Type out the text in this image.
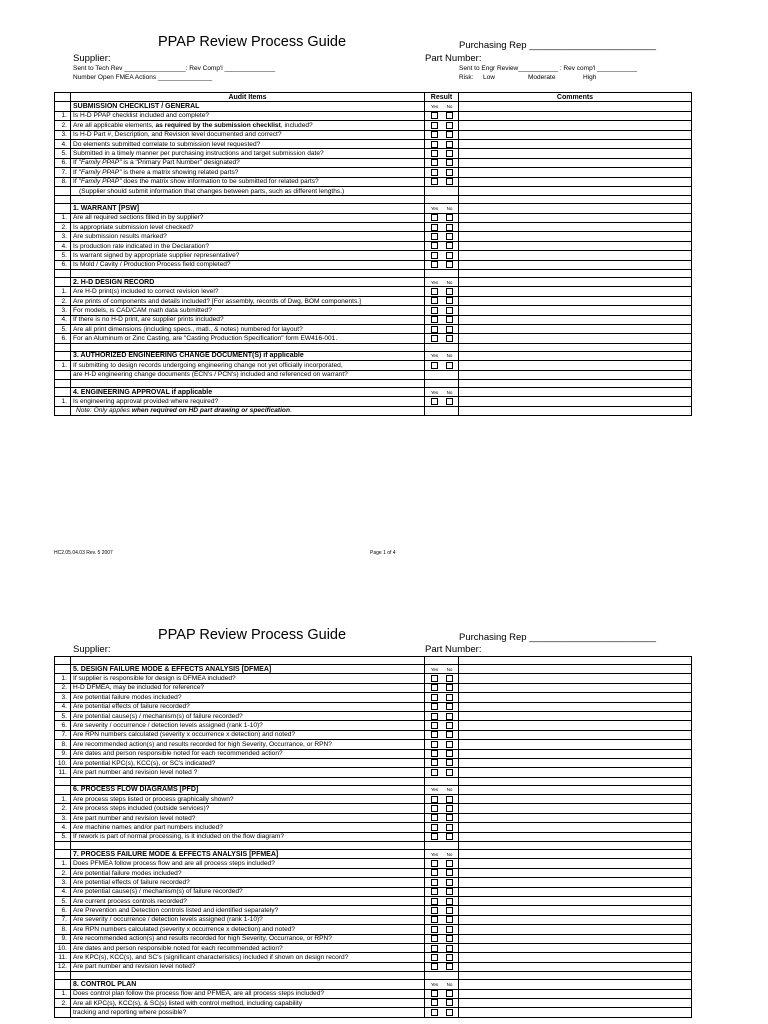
PPAP Review Process Guide	Purchasing Rep ________________________
Supplier:	Part Number:
Sent to Tech Rev _________________: Rev Comp'l ______________
Number Open FMEA Actions _______________
Sent to Engr Review___________ : Rev comp'l ___________
Risk: Low	Moderate	High
	Audit Items	Result	Comments
	SUBMISSION CHECKLIST / GENERAL	Yes No	
1.	Is H-D PPAP checklist included and complete?		
2.	Are all applicable elements, as required by the submission checklist, included?		
3.	Is H-D Part #, Description, and Revision level documented and correct?		
4.	Do elements submitted correlate to submission level requested?		
5.	Submitted in a timely manner per purchasing instructions and target submission date?		
6.	If "Family PPAP" is a "Primary Part Number" designated?		
7.	If "Family PPAP" is there a matrix showing related parts?		
8.	If "Family PPAP" does the matrix show information to be submitted for related parts?		
	(Supplier should submit information that changes between parts, such as different lengths.)		

	1. WARRANT [PSW]	Yes No	
1.	Are all required sections filled in by supplier?		
2.	Is appropriate submission level checked?		
3.	Are submission results marked?		
4.	Is production rate indicated in the Declaration?		
5.	Is warrant signed by appropriate supplier representative?		
6.	Is Mold / Cavity / Production Process field completed?		

	2. H-D DESIGN RECORD	Yes No	
1.	Are H-D print(s) included to correct revision level?		
2.	Are prints of components and details included? [For assembly, records of Dwg, BOM components.]		
3.	For models, is CAD/CAM math data submitted?		
4.	If there is no H-D print, are supplier prints included?		
5.	Are all print dimensions (including specs., matl., & notes) numbered for layout?		
6.	For an Aluminum or Zinc Casting, are "Casting Production Specification" form EW416-001.		

	3. AUTHORIZED ENGINEERING CHANGE DOCUMENT(S) if applicable	Yes No	
1.	If submitting to design records undergoing engineering change not yet officially incorporated,		
	are H-D engineering change documents (ECN's / PCN's) included and referenced on warrant?		

	4. ENGINEERING APPROVAL if applicable	Yes No	
1.	Is engineering approval provided where required?		
	Note: Only applies when required on HD part drawing or specification.		
HC2.05.04.03 Rev. 5 2007	Page 1 of 4
PPAP Review Process Guide	Purchasing Rep ________________________
Supplier:	Part Number:

	5. DESIGN FAILURE MODE & EFFECTS ANALYSIS [DFMEA]	Yes No	
1.	If supplier is responsible for design is DFMEA included?		
2.	H-D DFMEA, may be included for reference?		
3.	Are potential failure modes included?		
4.	Are potential effects of failure recorded?		
5.	Are potential cause(s) / mechanism(s) of failure recorded?		
6.	Are severity / occurrence / detection levels assigned (rank 1-10)?		
7.	Are RPN numbers calculated (severity x occurrence x detection) and noted?		
8.	Are recommended action(s) and results recorded for high Severity, Occurrance, or RPN?		
9.	Are dates and person responsible noted for each recommended action?		
10.	Are potential KPC(s), KCC(s), or SC's indicated?		
11.	Are part number and revision level noted ?		

	6. PROCESS FLOW DIAGRAMS [PFD]	Yes No	
1.	Are process steps listed or process graphically shown?		
2.	Are process steps included (outside services)?		
3.	Are part number and revision level noted?		
4.	Are machine names and/or part numbers included?		
5.	If rework is part of normal processing, is it included on the flow diagram?		

	7. PROCESS FAILURE MODE & EFFECTS ANALYSIS [PFMEA]	Yes No	
1.	Does PFMEA follow process flow and are all process steps included?		
2.	Are potential failure modes included?		
3.	Are potential effects of failure recorded?		
4.	Are potential cause(s) / mechanism(s) of failure recorded?		
5.	Are current process controls recorded?		
6.	Are Prevention and Detection controls listed and identified separately?		
7.	Are severity / occurrence / detection levels assigned (rank 1-10)?		
8.	Are RPN numbers calculated (severity x occurrence x detection) and noted?		
9.	Are recommended action(s) and results recorded for high Severity, Occurrance, or RPN?		
10.	Are dates and person responsible noted for each recommended action?		
11.	Are KPC(s), KCC(s), and SC's (significant characteristics) included if shown on design record?		
12.	Are part number and revision level noted?		

	8. CONTROL PLAN	Yes No	
1.	Does control plan follow the process flow and PFMEA, are all process steps included?		
2.	Are all KPC(s), KCC(s), & SC(s) listed with control method, including capability		
	tracking and reporting where possible?		
